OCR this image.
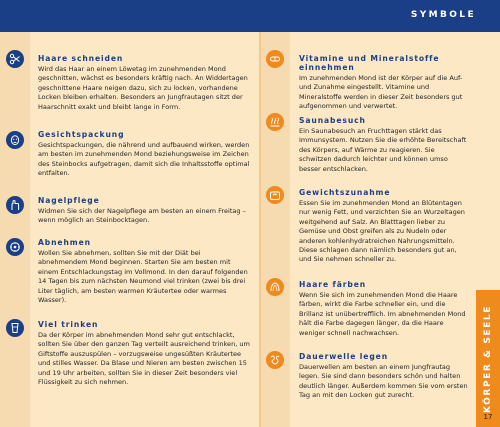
SYMBOLE
Haare schneiden

Wird das Haar an einem Löwetag im zunehmenden Mond geschnitten, wächst es besonders kräftig nach. An Widdertagen geschnittene Haare neigen dazu, sich zu locken, vorhandene Locken bleiben erhalten. Besonders an Jungfrautagen sitzt der Haarschnitt exakt und bleibt lange in Form.

Gesichtspackung

Gesichtspackungen, die nährend und aufbauend wirken, werden am besten im zunehmenden Mond beziehungsweise im Zeichen des Steinbocks aufgetragen, damit sich die Inhaltsstoffe optimal entfalten.

Nagelpflege

Widmen Sie sich der Nagelpflege am besten an einem Freitag – wenn möglich an Steinbocktagen.

Abnehmen

Wollen Sie abnehmen, sollten Sie mit der Diät bei abnehmendem Mond beginnen. Starten Sie am besten mit einem Entschlackungstag im Vollmond. In den darauf folgenden 14 Tagen bis zum nächsten Neumond viel trinken (zwei bis drei Liter täglich, am besten warmen Kräutertee oder warmes Wasser).

Viel trinken

Da der Körper im abnehmenden Mond sehr gut entschlackt, sollten Sie über den ganzen Tag verteilt ausreichend trinken, um Giftstoffe auszuspülen – vorzugsweise ungesüßten Kräutertee und stilles Wasser. Da Blase und Nieren am besten zwischen 15 und 19 Uhr arbeiten, sollten Sie in dieser Zeit besonders viel Flüssigkeit zu sich nehmen.

Vitamine und Mineralstoffe einnehmen

Im zunehmenden Mond ist der Körper auf die Auf- und Zunahme eingestellt. Vitamine und Mineralstoffe werden in dieser Zeit besonders gut aufgenommen und verwertet.

Saunabesuch

Ein Saunabesuch an Fruchttagen stärkt das Immunsystem. Nutzen Sie die erhöhte Bereitschaft des Körpers, auf Wärme zu reagieren. Sie schwitzen dadurch leichter und können umso besser entschlacken.

Gewichtszunahme

Essen Sie im zunehmenden Mond an Blütentagen nur wenig Fett, und verzichten Sie an Wurzeltagen weitgehend auf Salz. An Blatttagen lieber zu Gemüse und Obst greifen als zu Nudeln oder anderen kohlenhydratreichen Nahrungsmitteln. Diese schlagen dann nämlich besonders gut an, und Sie nehmen schneller zu.

Haare färben

Wenn Sie sich im zunehmenden Mond die Haare färben, wirkt die Farbe schneller ein, und die Brillanz ist unübertrefflich. Im abnehmenden Mond hält die Farbe dagegen länger, da die Haare weniger schnell nachwachsen.

Dauerwelle legen

Dauerwellen am besten an einem Jungfrautag legen. Sie sind dann besonders schön und halten deutlich länger. Außerdem kommen Sie vom ersten Tag an mit den Locken gut zurecht.	KÖRPER & SEELE
17
